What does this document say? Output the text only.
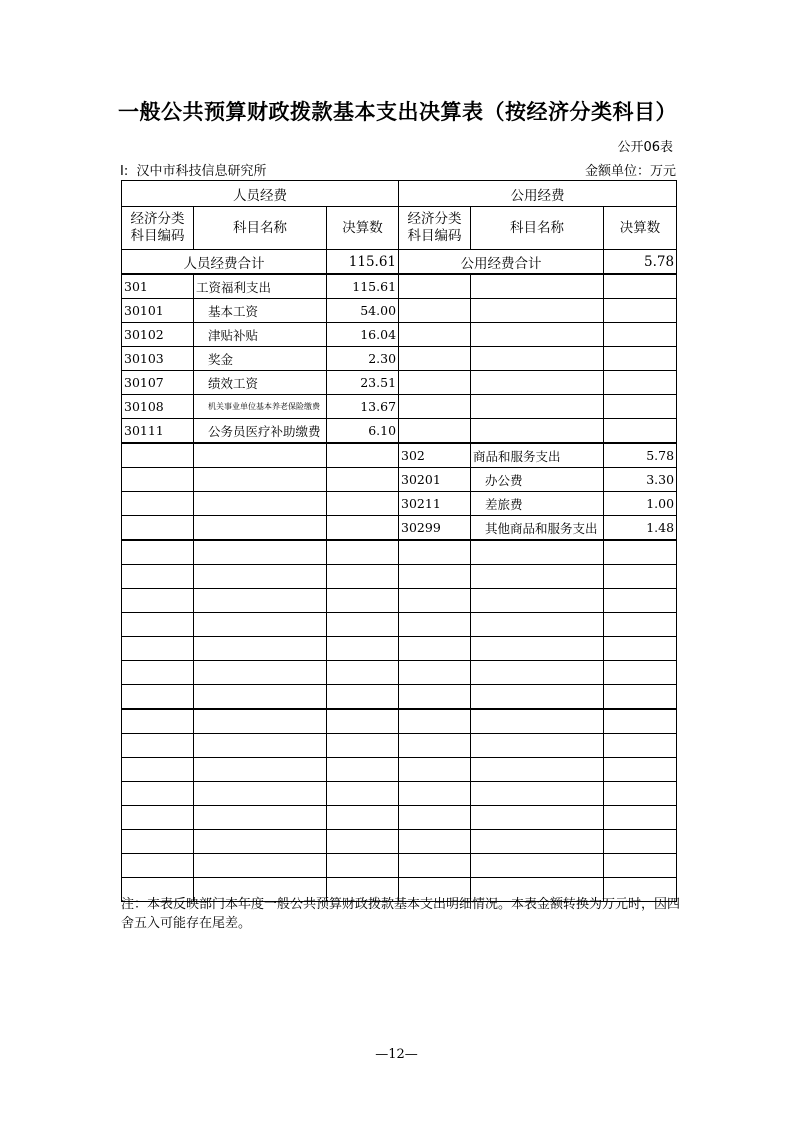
一般公共预算财政拨款基本支出决算表（按经济分类科目）
公开06表
I: 汉中市科技信息研究所	金额单位：万元
人员经费			公用经费		
经济分类 科目编码	科目名称	决算数	经济分类 科目编码	科目名称	决算数
人员经费合计		115.61	公用经费合计		5.78
301	工资福利支出	115.61			
30101	基本工资	54.00			
30102	津贴补贴	16.04			
30103	奖金	2.30			
30107	绩效工资	23.51			
30108	机关事业单位基本养老保险缴费	13.67			
30111	公务员医疗补助缴费	6.10			
			302	商品和服务支出	5.78
			30201	办公费	3.30
			30211	差旅费	1.00
			30299	其他商品和服务支出	1.48

注：本表反映部门本年度一般公共预算财政拨款基本支出明细情况。本表金额转换为万元时，因四舍五入可能存在尾差。
—12—
